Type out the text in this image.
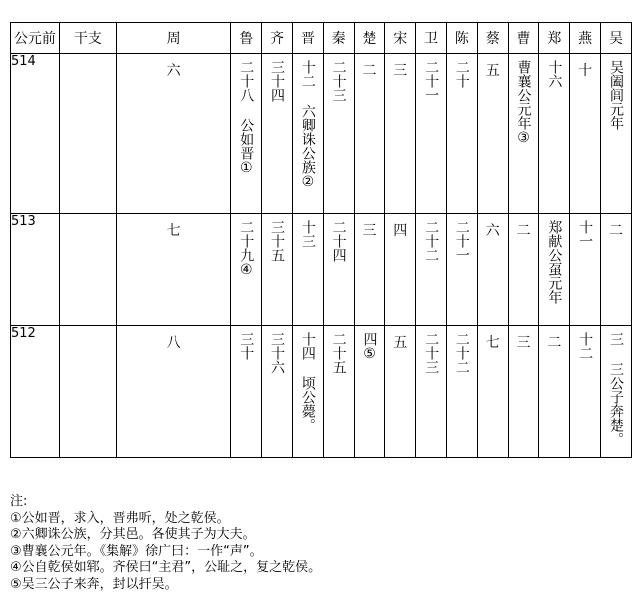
公元前	干支	周	鲁	齐	晋	秦	楚	宋	卫	陈	蔡	曹	郑	燕	吴
514		六	二十八 公如晋①	三十四	十二 六卿诛公族②	二十三	二	三	二十一	二十	五	曹襄公元年③	十六	十	吴阖闾元年

513		七	二十九④	三十五	十三	二十四	三	四	二十二	二十一	六	二	郑献公虿元年	十一	二

512		八	三十	三十六	十四 顷公薨。	二十五	四⑤	五	二十三	二十二	七	三	二	十二	三 三公子奔楚。
注:
①公如晋，求入，晋弗听，处之乾侯。
②六卿诛公族，分其邑。各使其子为大夫。
③曹襄公元年。《集解》徐广曰：一作“声”。
④公自乾侯如郓。齐侯曰“主君”，公耻之，复之乾侯。
⑤吴三公子来奔，封以扞吴。
